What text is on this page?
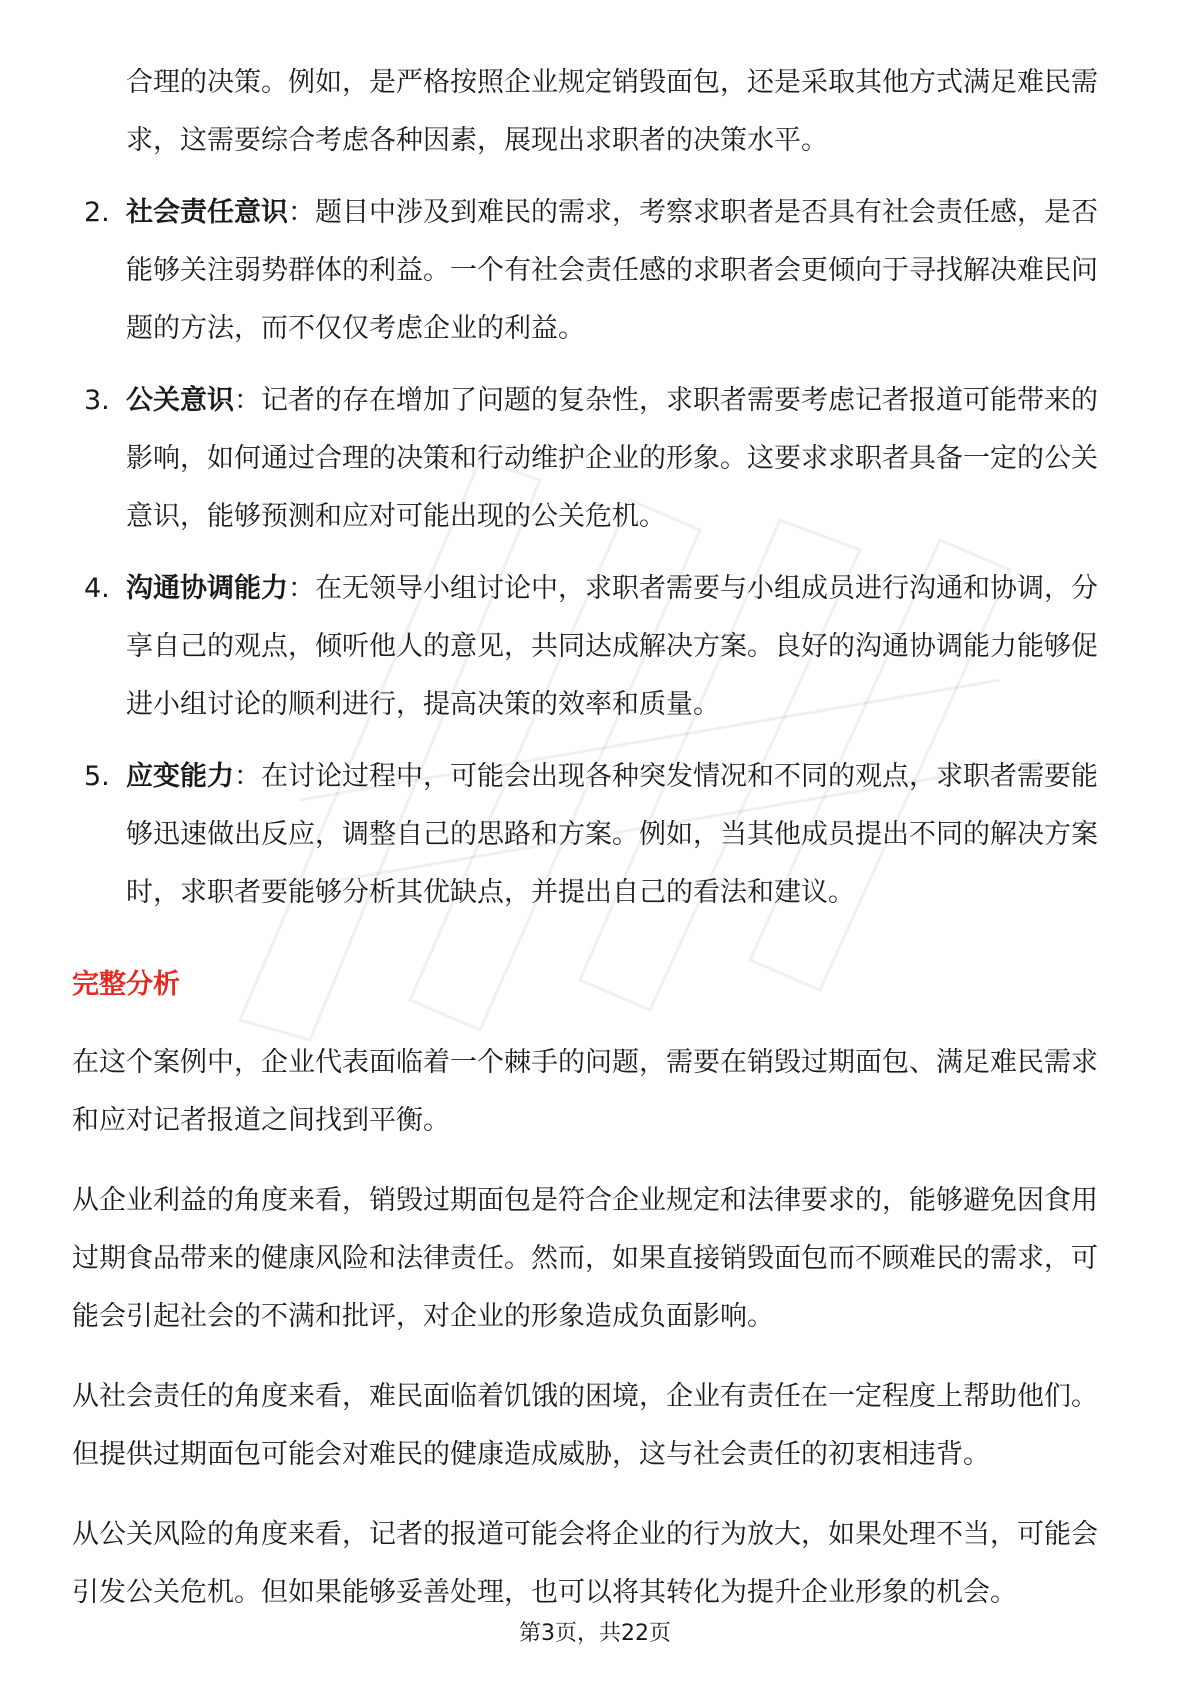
合理的决策。例如，是严格按照企业规定销毁面包，还是采取其他方式满足难民需求，这需要综合考虑各种因素，展现出求职者的决策水平。

2. 社会责任意识：题目中涉及到难民的需求，考察求职者是否具有社会责任感，是否能够关注弱势群体的利益。一个有社会责任感的求职者会更倾向于寻找解决难民问题的方法，而不仅仅考虑企业的利益。
3. 公关意识：记者的存在增加了问题的复杂性，求职者需要考虑记者报道可能带来的影响，如何通过合理的决策和行动维护企业的形象。这要求求职者具备一定的公关意识，能够预测和应对可能出现的公关危机。
4. 沟通协调能力：在无领导小组讨论中，求职者需要与小组成员进行沟通和协调，分享自己的观点，倾听他人的意见，共同达成解决方案。良好的沟通协调能力能够促进小组讨论的顺利进行，提高决策的效率和质量。
5. 应变能力：在讨论过程中，可能会出现各种突发情况和不同的观点，求职者需要能够迅速做出反应，调整自己的思路和方案。例如，当其他成员提出不同的解决方案时，求职者要能够分析其优缺点，并提出自己的看法和建议。
完整分析

在这个案例中，企业代表面临着一个棘手的问题，需要在销毁过期面包、满足难民需求和应对记者报道之间找到平衡。

从企业利益的角度来看，销毁过期面包是符合企业规定和法律要求的，能够避免因食用过期食品带来的健康风险和法律责任。然而，如果直接销毁面包而不顾难民的需求，可能会引起社会的不满和批评，对企业的形象造成负面影响。

从社会责任的角度来看，难民面临着饥饿的困境，企业有责任在一定程度上帮助他们。但提供过期面包可能会对难民的健康造成威胁，这与社会责任的初衷相违背。

从公关风险的角度来看，记者的报道可能会将企业的行为放大，如果处理不当，可能会引发公关危机。但如果能够妥善处理，也可以将其转化为提升企业形象的机会。

第3页，共22页
